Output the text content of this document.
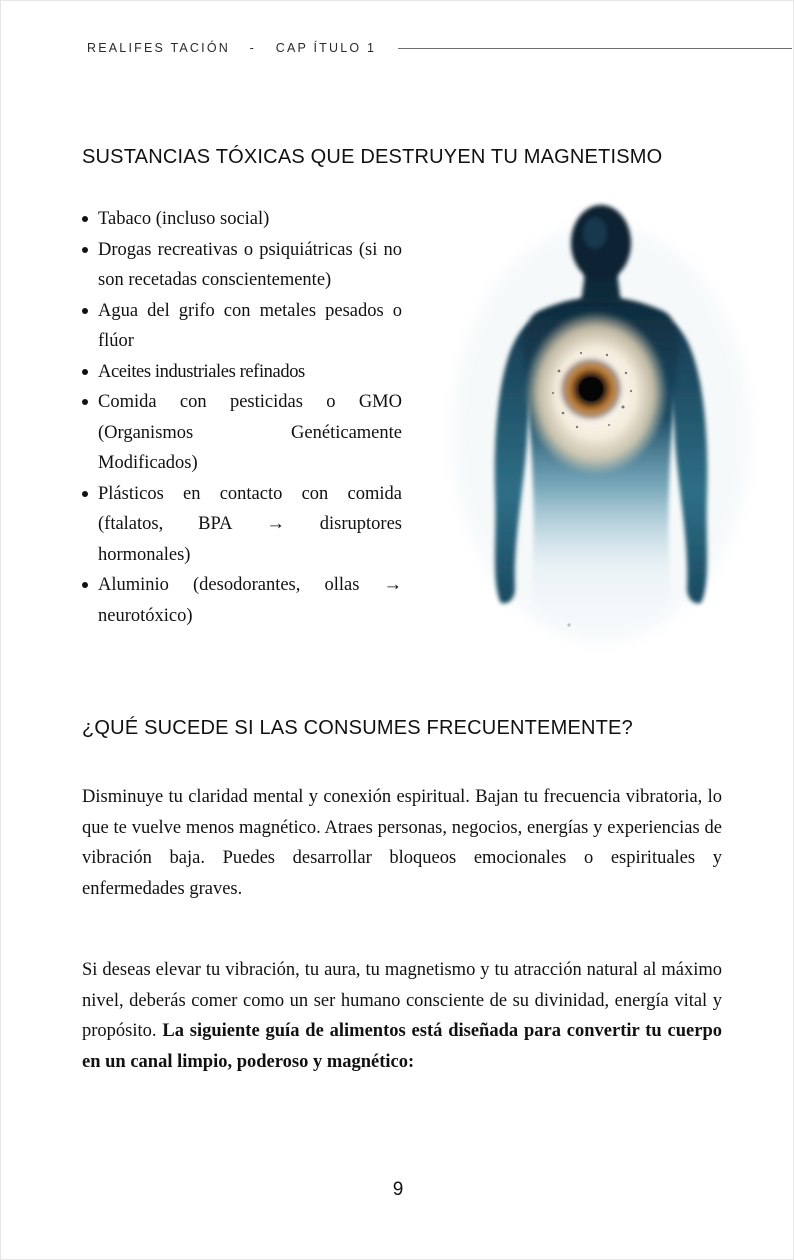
REALIFES TACIÓN - CAP ÍTULO 1
SUSTANCIAS TÓXICAS QUE DESTRUYEN TU MAGNETISMO
Tabaco (incluso social)
Drogas recreativas o psiquiátricas (si no son recetadas conscientemente)
Agua del grifo con metales pesados o flúor
Aceites industriales refinados
Comida con pesticidas o GMO (Organismos Genéticamente Modificados)
Plásticos en contacto con comida (ftalatos, BPA → disruptores hormonales)
Aluminio (desodorantes, ollas → neurotóxico)
¿QUÉ SUCEDE SI LAS CONSUMES FRECUENTEMENTE?

Disminuye tu claridad mental y conexión espiritual. Bajan tu frecuencia vibratoria, lo que te vuelve menos magnético. Atraes personas, negocios, energías y experiencias de vibración baja. Puedes desarrollar bloqueos emocionales o espirituales y enfermedades graves.

Si deseas elevar tu vibración, tu aura, tu magnetismo y tu atracción natural al máximo nivel, deberás comer como un ser humano consciente de su divinidad, energía vital y propósito. La siguiente guía de alimentos está diseñada para convertir tu cuerpo en un canal limpio, poderoso y magnético:

9
